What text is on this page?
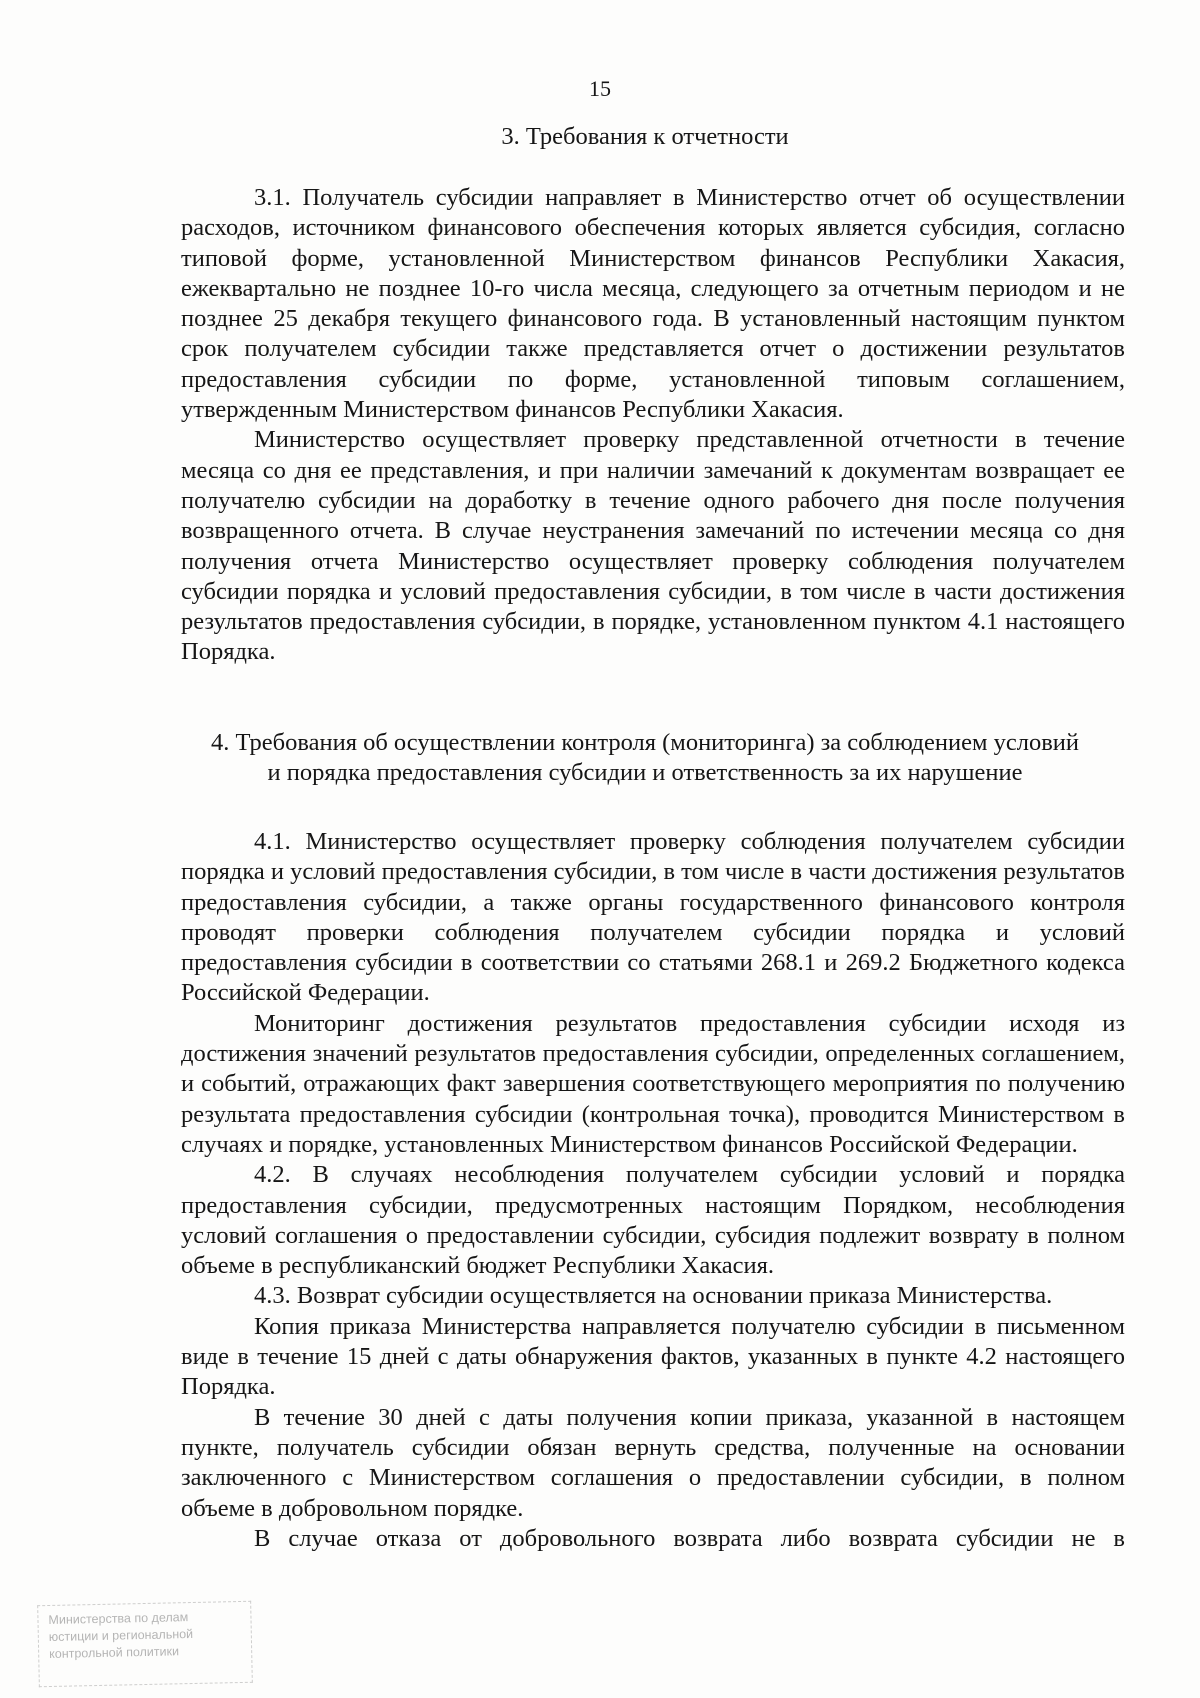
15
3. Требования к отчетности

3.1. Получатель субсидии направляет в Министерство отчет об осуществлении расходов, источником финансового обеспечения которых является субсидия, согласно типовой форме, установленной Министерством финансов Республики Хакасия, ежеквартально не позднее 10-го числа месяца, следующего за отчетным периодом и не позднее 25 декабря текущего финансового года. В установленный настоящим пунктом срок получателем субсидии также представляется отчет о достижении результатов предоставления субсидии по форме, установленной типовым соглашением, утвержденным Министерством финансов Республики Хакасия.

Министерство осуществляет проверку представленной отчетности в течение месяца со дня ее представления, и при наличии замечаний к документам возвращает ее получателю субсидии на доработку в течение одного рабочего дня после получения возвращенного отчета. В случае неустранения замечаний по истечении месяца со дня получения отчета Министерство осуществляет проверку соблюдения получателем субсидии порядка и условий предоставления субсидии, в том числе в части достижения результатов предоставления субсидии, в порядке, установленном пунктом 4.1 настоящего Порядка.

4. Требования об осуществлении контроля (мониторинга) за соблюдением условий
и порядка предоставления субсидии и ответственность за их нарушение

4.1. Министерство осуществляет проверку соблюдения получателем субсидии порядка и условий предоставления субсидии, в том числе в части достижения результатов предоставления субсидии, а также органы государственного финансового контроля проводят проверки соблюдения получателем субсидии порядка и условий предоставления субсидии в соответствии со статьями 268.1 и 269.2 Бюджетного кодекса Российской Федерации.

Мониторинг достижения результатов предоставления субсидии исходя из достижения значений результатов предоставления субсидии, определенных соглашением, и событий, отражающих факт завершения соответствующего мероприятия по получению результата предоставления субсидии (контрольная точка), проводится Министерством в случаях и порядке, установленных Министерством финансов Российской Федерации.

4.2. В случаях несоблюдения получателем субсидии условий и порядка предоставления субсидии, предусмотренных настоящим Порядком, несоблюдения условий соглашения о предоставлении субсидии, субсидия подлежит возврату в полном объеме в республиканский бюджет Республики Хакасия.

4.3. Возврат субсидии осуществляется на основании приказа Министерства.

Копия приказа Министерства направляется получателю субсидии в письменном виде в течение 15 дней с даты обнаружения фактов, указанных в пункте 4.2 настоящего Порядка.

В течение 30 дней с даты получения копии приказа, указанной в настоящем пункте, получатель субсидии обязан вернуть средства, полученные на основании заключенного с Министерством соглашения о предоставлении субсидии, в полном объеме в добровольном порядке.

В случае отказа от добровольного возврата либо возврата субсидии не в

Министерства по делам
юстиции и региональной
контрольной политики
